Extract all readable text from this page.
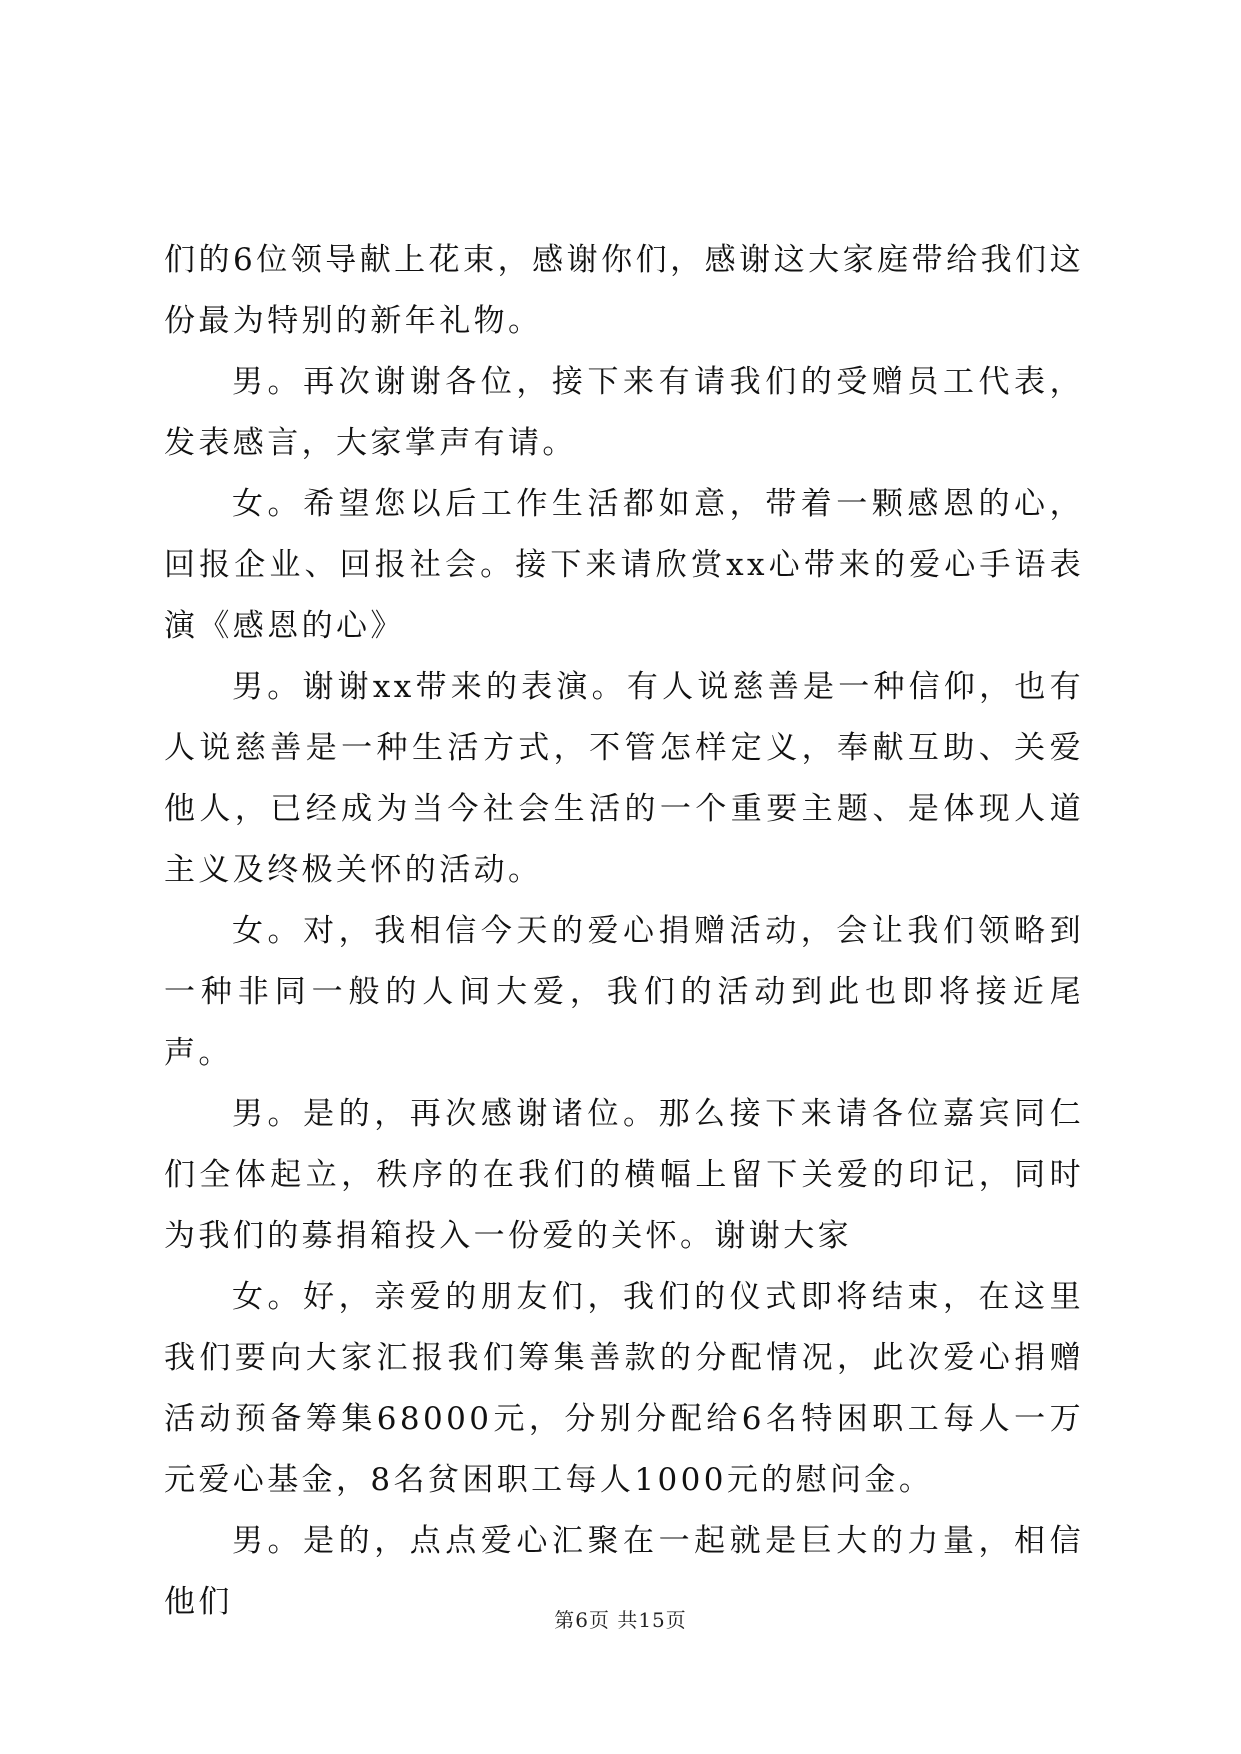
们的6位领导献上花束，感谢你们，感谢这大家庭带给我们这份最为特别的新年礼物。

男。再次谢谢各位，接下来有请我们的受赠员工代表，发表感言，大家掌声有请。

女。希望您以后工作生活都如意，带着一颗感恩的心，回报企业、回报社会。接下来请欣赏xx心带来的爱心手语表演《感恩的心》

男。谢谢xx带来的表演。有人说慈善是一种信仰，也有人说慈善是一种生活方式，不管怎样定义，奉献互助、关爱他人，已经成为当今社会生活的一个重要主题、是体现人道主义及终极关怀的活动。

女。对，我相信今天的爱心捐赠活动，会让我们领略到一种非同一般的人间大爱，我们的活动到此也即将接近尾声。

男。是的，再次感谢诸位。那么接下来请各位嘉宾同仁们全体起立，秩序的在我们的横幅上留下关爱的印记，同时为我们的募捐箱投入一份爱的关怀。谢谢大家

女。好，亲爱的朋友们，我们的仪式即将结束，在这里我们要向大家汇报我们筹集善款的分配情况，此次爱心捐赠活动预备筹集68000元，分别分配给6名特困职工每人一万元爱心基金，8名贫困职工每人1000元的慰问金。

男。是的，点点爱心汇聚在一起就是巨大的力量，相信他们	第6页 共15页
